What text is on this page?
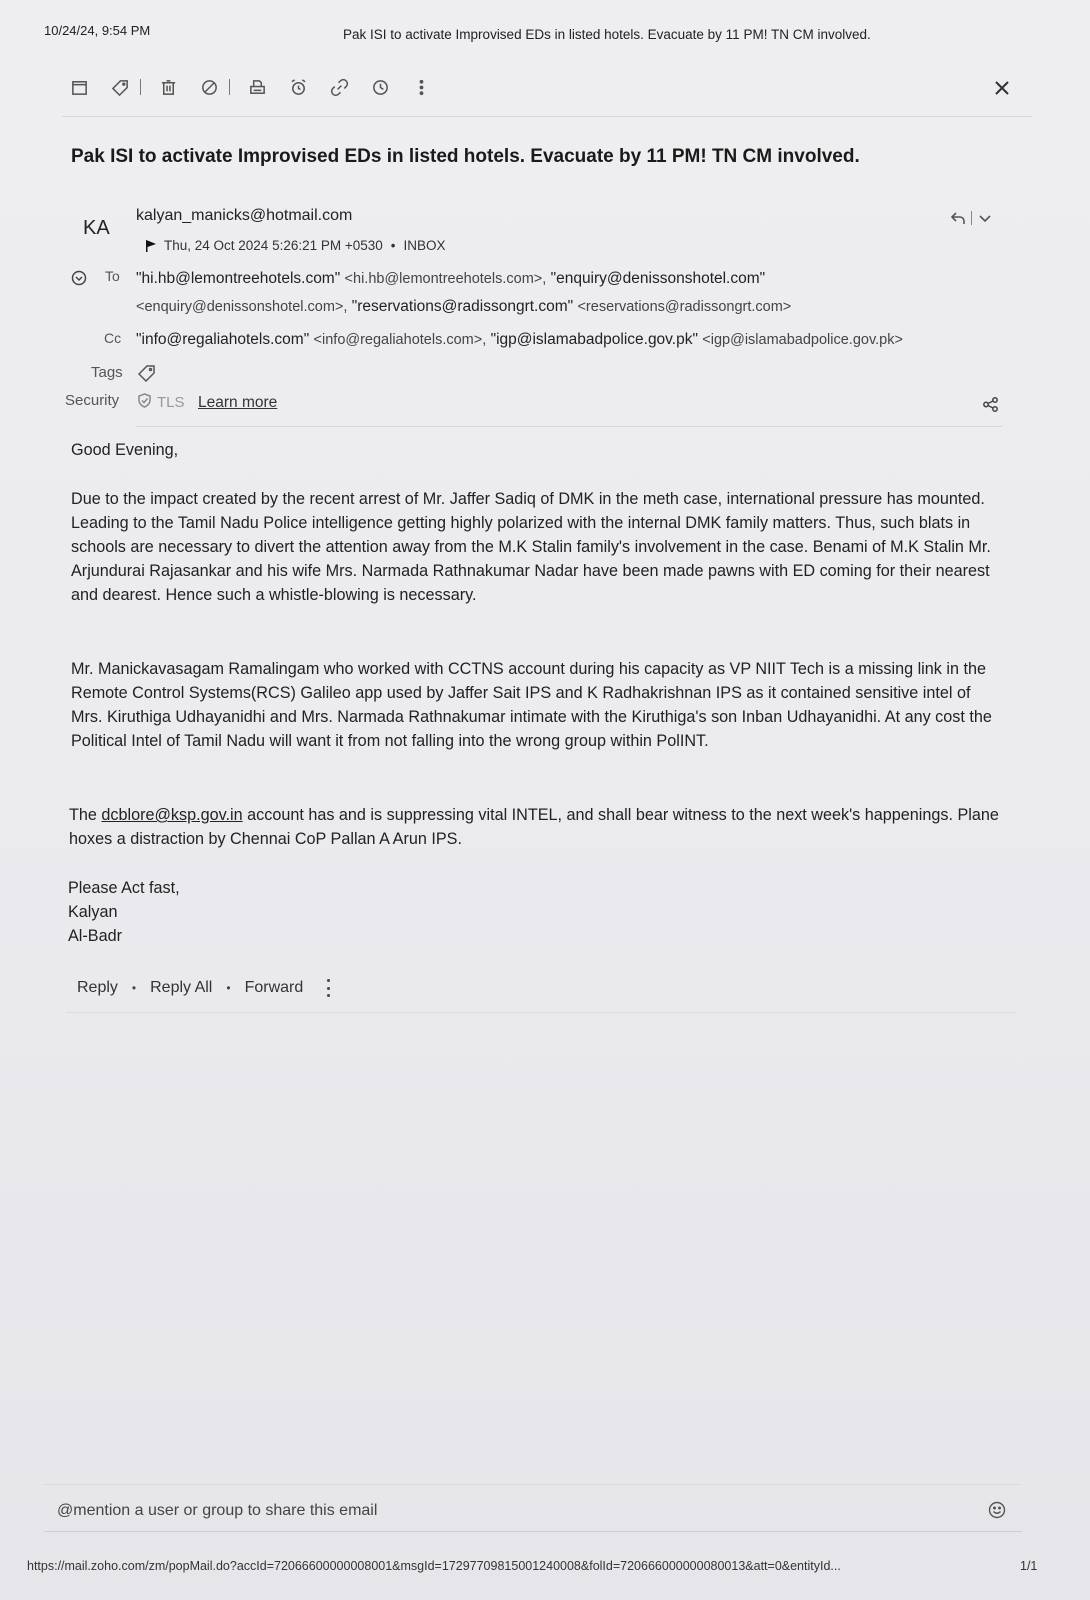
10/24/24, 9:54 PM	Pak ISI to activate Improvised EDs in listed hotels. Evacuate by 11 PM! TN CM involved.
Pak ISI to activate Improvised EDs in listed hotels. Evacuate by 11 PM! TN CM involved.
KA
kalyan_manicks@hotmail.com
Thu, 24 Oct 2024 5:26:21 PM +0530 • INBOX
To "hi.hb@lemontreehotels.com" <hi.hb@lemontreehotels.com>, "enquiry@denissonshotel.com"
<enquiry@denissonshotel.com>, "reservations@radissongrt.com" <reservations@radissongrt.com>
Cc "info@regaliahotels.com" <info@regaliahotels.com>, "igp@islamabadpolice.gov.pk" <igp@islamabadpolice.gov.pk>
Tags
Security	TLS Learn more
Good Evening,
Due to the impact created by the recent arrest of Mr. Jaffer Sadiq of DMK in the meth case, international pressure has mounted. Leading to the Tamil Nadu Police intelligence getting highly polarized with the internal DMK family matters. Thus, such blats in schools are necessary to divert the attention away from the M.K Stalin family's involvement in the case. Benami of M.K Stalin Mr. Arjundurai Rajasankar and his wife Mrs. Narmada Rathnakumar Nadar have been made pawns with ED coming for their nearest and dearest. Hence such a whistle-blowing is necessary.
Mr. Manickavasagam Ramalingam who worked with CCTNS account during his capacity as VP NIIT Tech is a missing link in the Remote Control Systems(RCS) Galileo app used by Jaffer Sait IPS and K Radhakrishnan IPS as it contained sensitive intel of Mrs. Kiruthiga Udhayanidhi and Mrs. Narmada Rathnakumar intimate with the Kiruthiga's son Inban Udhayanidhi. At any cost the Political Intel of Tamil Nadu will want it from not falling into the wrong group within PolINT.
The dcblore@ksp.gov.in account has and is suppressing vital INTEL, and shall bear witness to the next week's happenings. Plane hoxes a distraction by Chennai CoP Pallan A Arun IPS.

Please Act fast,

Kalyan

Al-Badr

Reply • Reply All • Forward
@mention a user or group to share this email
https://mail.zoho.com/zm/popMail.do?accId=72066600000008001&msgId=17297709815001240008&folId=720666000000080013&att=0&entityId...	1/1
